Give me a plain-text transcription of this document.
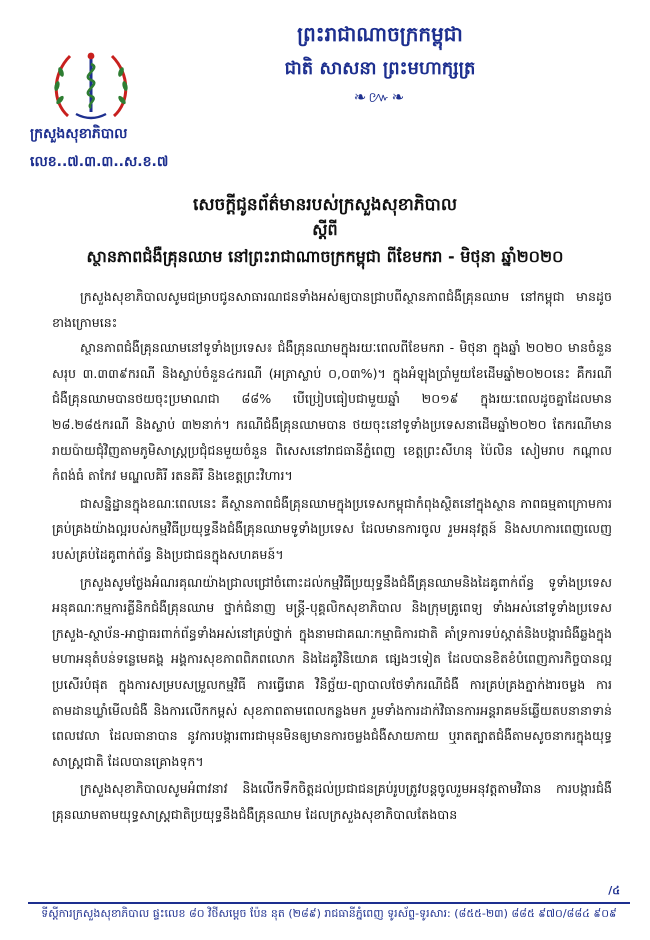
ព្រះរាជាណាចក្រកម្ពុជា
ជាតិ សាសនា ព្រះមហាក្សត្រ
❧៚❧
ក្រសួងសុខាភិបាល
លេខ..៧.៣.៣..ស.ខ.៧
សេចក្តីជូនព័ត៌មានរបស់ក្រសួងសុខាភិបាល
ស្តីពី
ស្ថានភាពជំងឺគ្រុនឈាម នៅព្រះរាជាណាចក្រកម្ពុជា ពីខែមករា - មិថុនា ឆ្នាំ២០២០

ក្រសួងសុខាភិបាលសូមជម្រាបជូនសាធារណជនទាំងអស់ឲ្យបានជ្រាបពីស្ថានភាពជំងឺគ្រុនឈាម នៅកម្ពុជា មានដូចខាងក្រោមនេះ

ស្ថានភាពជំងឺគ្រុនឈាមនៅទូទាំងប្រទេស៖ ជំងឺគ្រុនឈាមក្នុងរយៈពេលពីខែមករា - មិថុនា ក្នុងឆ្នាំ ២០២០ មានចំនួនសរុប ៣.៣៣៩ករណី និងស្លាប់ចំនួន៤ករណី (អត្រាស្លាប់ ០,០៣%)។ ក្នុងអំឡុងប្រាំមួយខែដើមឆ្នាំ២០២០នេះ គឺករណីជំងឺគ្រុនឈាមបានថយចុះប្រមាណជា ៨៨% បើប្រៀបធៀបជាមួយឆ្នាំ ២០១៩ ក្នុងរយៈពេលដូចគ្នាដែលមាន ២៨.២៨៥ករណី និងស្លាប់ ៣២នាក់។ ករណីជំងឺគ្រុនឈាមបាន ថយចុះនៅទូទាំងប្រទេសនាដើមឆ្នាំ២០២០ តែករណីមានរាយប៉ាយជុំវិញតាមភូមិសាស្ត្រប្រជុំជនមួយចំនួន ពិសេសនៅរាជធានីភ្នំពេញ ខេត្តព្រះសីហនុ ប៉ៃលិន សៀមរាប កណ្តាល កំពង់ធំ តាកែវ មណ្ឌលគិរី រតនគិរី និងខេត្តព្រះវិហារ។

ជាសន្និដ្ឋានក្នុងខណៈពេលនេះ គឺស្ថានភាពជំងឺគ្រុនឈាមក្នុងប្រទេសកម្ពុជាកំពុងស្ថិតនៅក្នុងស្ថាន ភាពធម្មតាក្រោមការគ្រប់គ្រងយ៉ាងល្អរបស់កម្មវិធីប្រយុទ្ធនឹងជំងឺគ្រុនឈាមទូទាំងប្រទេស ដែលមានការចូល រួមអនុវត្តន៍ និងសហការពេញលេញរបស់គ្រប់ដៃគូពាក់ព័ន្ធ និងប្រជាជនក្នុងសហគមន៍។

ក្រសួងសូមថ្លែងអំណរគុណយ៉ាងជ្រាលជ្រៅចំពោះដល់កម្មវិធីប្រយុទ្ធនឹងជំងឺគ្រុនឈាមនិងដៃគូពាក់ព័ន្ធ ទូទាំងប្រទេស អនុគណៈកម្មការគ្លីនិកជំងឺគ្រុនឈាម ថ្នាក់ជំនាញ មន្ត្រី-បុគ្គលិកសុខាភិបាល និងក្រុមគ្រូពេទ្យ ទាំងអស់នៅទូទាំងប្រទេស ក្រសួង-ស្ថាប័ន-អាជ្ញាធរពាក់ព័ន្ធទាំងអស់នៅគ្រប់ថ្នាក់ ក្នុងនាមជាគណៈកម្មាធិការជាតិ គាំទ្រការទប់ស្កាត់និងបង្ការជំងឺឆ្លងក្នុងមហាអនុតំបន់ទន្លេមេគង្គ អង្គការសុខភាពពិភពលោក និងដៃគូវិនិយោគ ផ្សេងៗទៀត ដែលបានខិតខំបំពេញភារកិច្ចបានល្អប្រសើរបំផុត ក្នុងការសម្របសម្រួលកម្មវិធី ការធ្វើរោគ វិនិច្ឆ័យ-ព្យាបាលថែទាំករណីជំងឺ ការគ្រប់គ្រងភ្នាក់ងារចម្លង ការតាមដានឃ្លាំមើលជំងឺ និងការលើកកម្ពស់ សុខភាពតាមពេលកន្លងមក រួមទាំងការដាក់វិធានការអន្តរាគមន៍ឆ្លើយតបនានាទាន់ពេលវេលា ដែលធានាបាន នូវការបង្ការពារជាមុនមិនឲ្យមានការចម្លងជំងឺសាយភាយ ឬរាតត្បាតជំងឺតាមសូចនាករក្នុងយុទ្ធសាស្ត្រជាតិ ដែលបានគ្រោងទុក។

ក្រសួងសុខាភិបាលសូមអំពាវនាវ និងលើកទឹកចិត្តដល់ប្រជាជនគ្រប់រូបត្រូវបន្តចូលរួមអនុវត្តតាមវិធាន ការបង្ការជំងឺគ្រុនឈាមតាមយុទ្ធសាស្ត្រជាតិប្រយុទ្ធនឹងជំងឺគ្រុនឈាម ដែលក្រសួងសុខាភិបាលតែងបាន

/៤
ទីស្តីការក្រសួងសុខាភិបាល ផ្ទះលេខ ៨០ វិថីសម្តេច ប៉ែន នុត (២៨៩) រាជធានីភ្នំពេញ ទូរស័ព្ទ-ទូរសារ: (៨៥៥-២៣) ៨៨៥ ៩៧០/៨៨៤ ៩០៩
